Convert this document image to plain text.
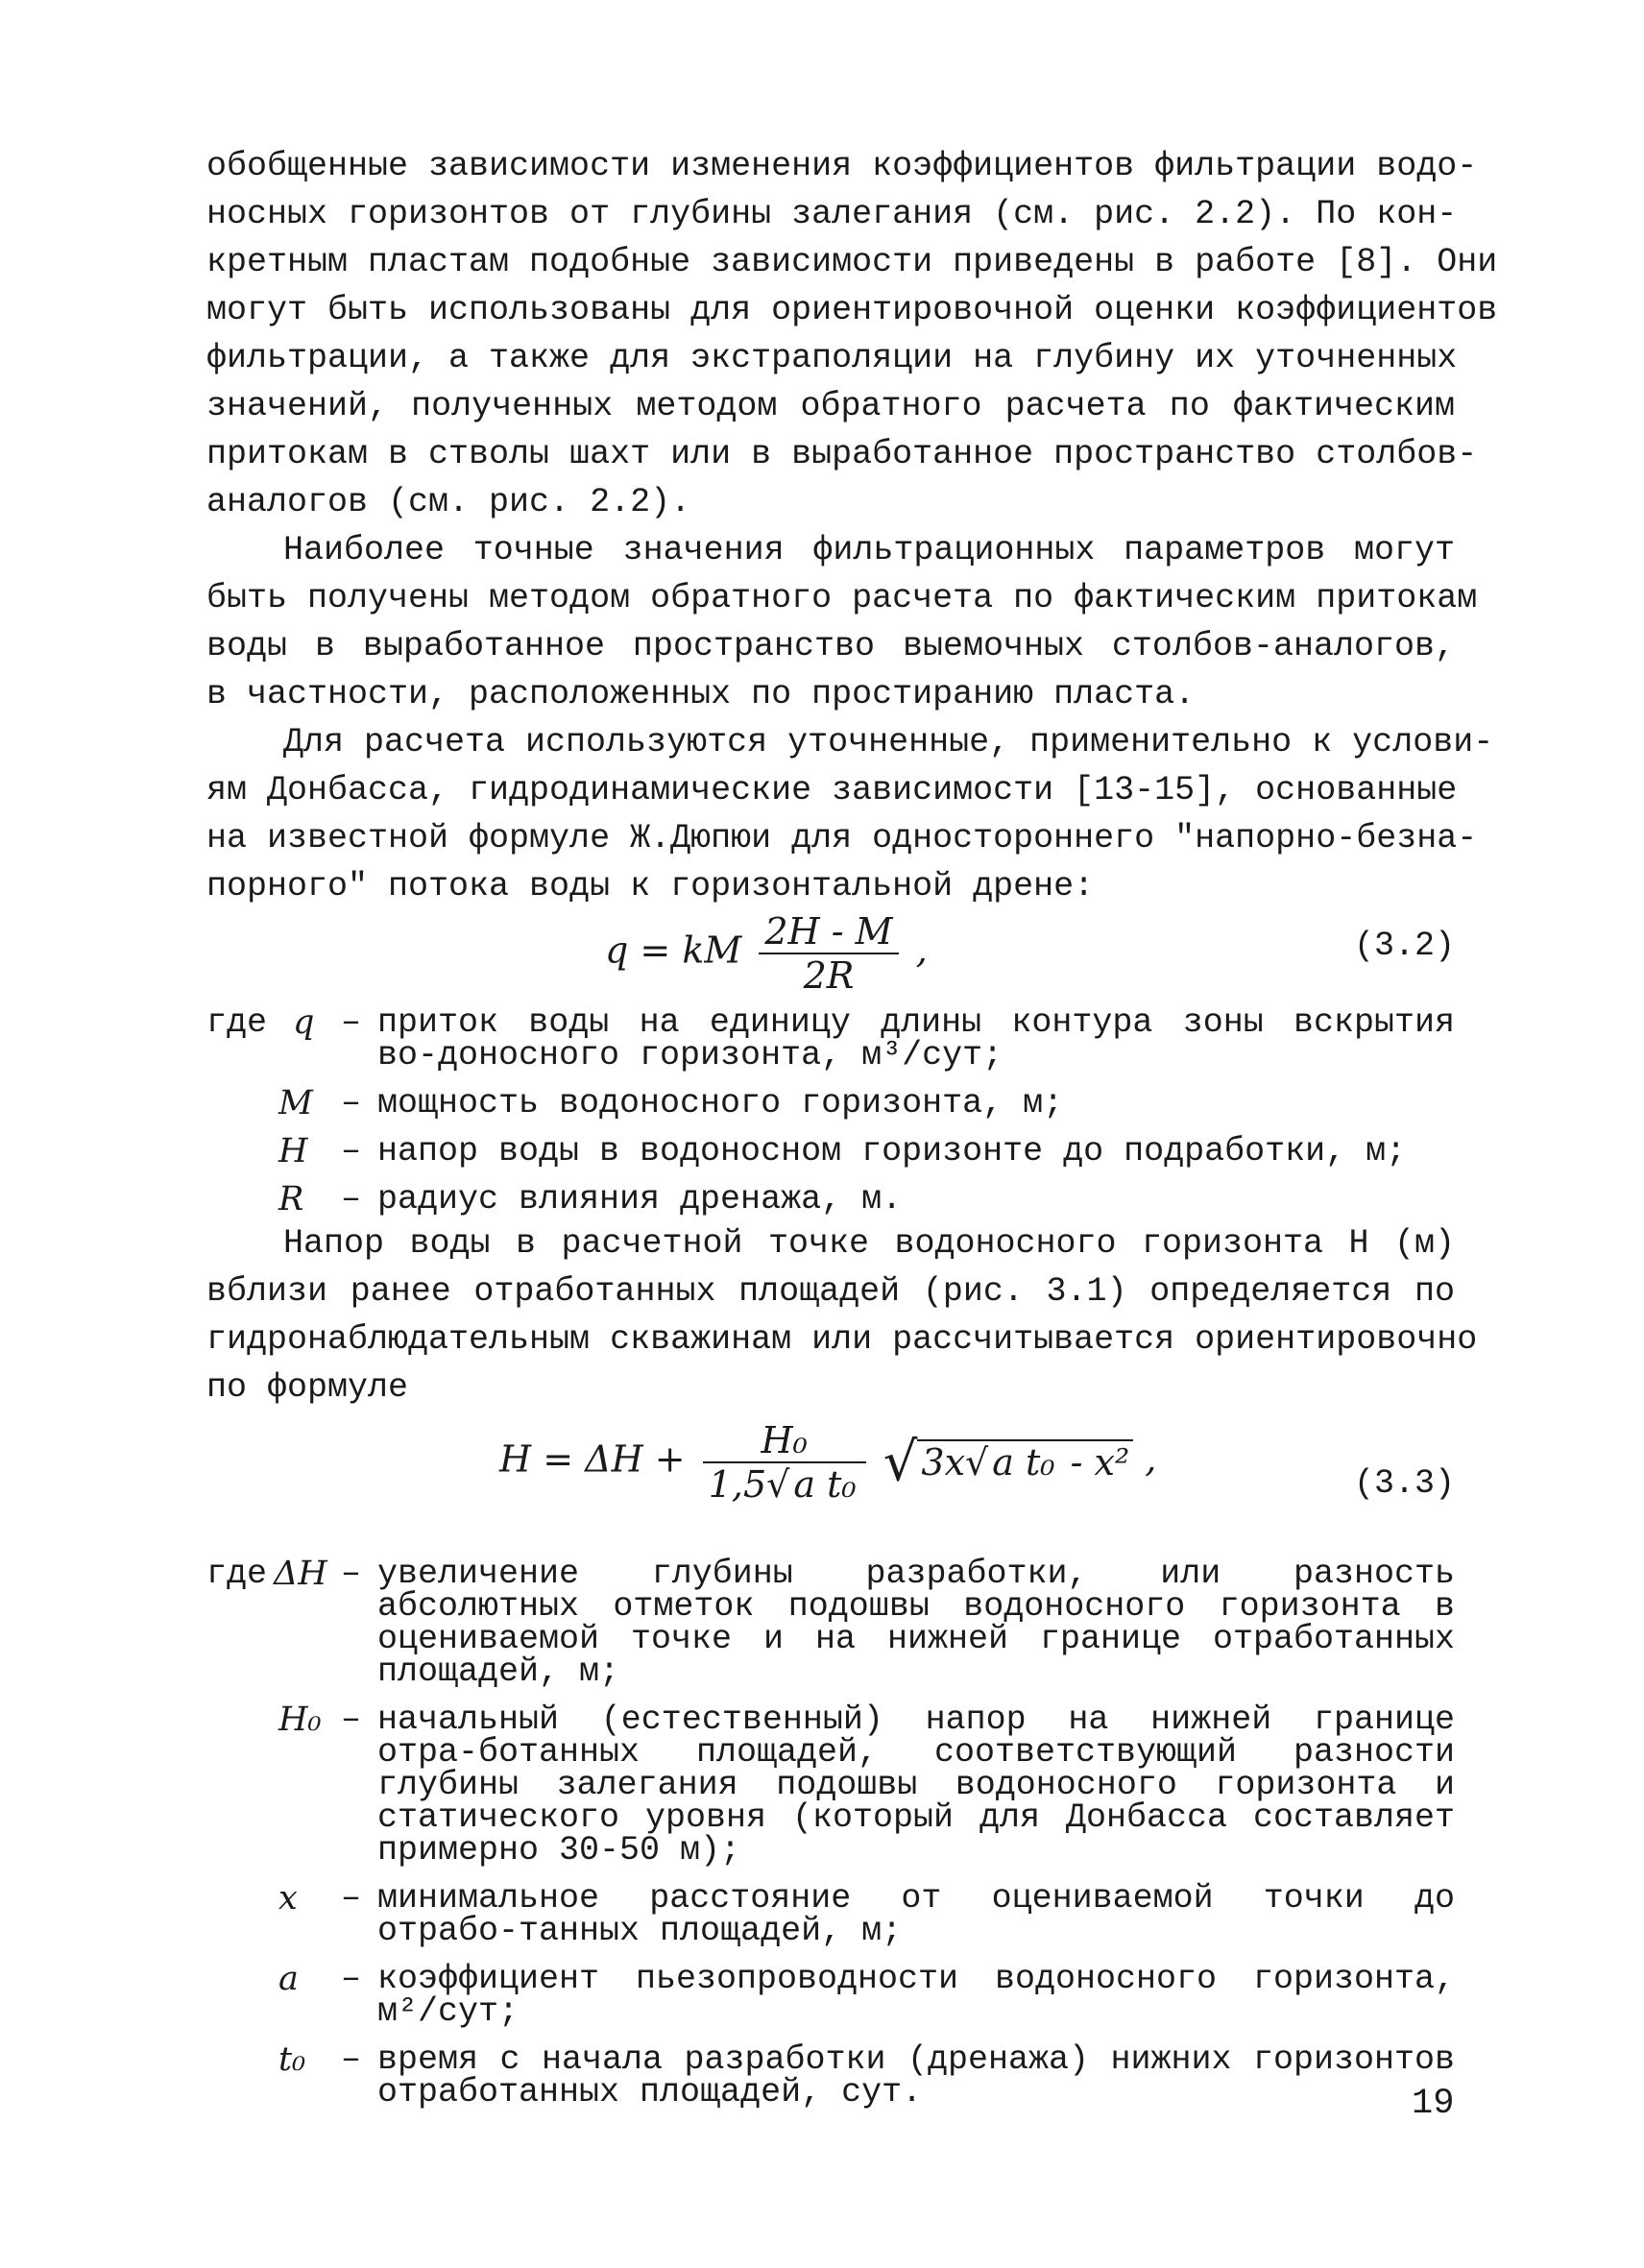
обобщенные зависимости изменения коэффициентов фильтрации водо-
носных горизонтов от глубины залегания (см. рис. 2.2). По кон-
кретным пластам подобные зависимости приведены в работе [8]. Они
могут быть использованы для ориентировочной оценки коэффициентов
фильтрации, а также для экстраполяции на глубину их уточненных
значений, полученных методом обратного расчета по фактическим
притокам в стволы шахт или в выработанное пространство столбов-
аналогов (см. рис. 2.2).
Наиболее точные значения фильтрационных параметров могут
быть получены методом обратного расчета по фактическим притокам
воды в выработанное пространство выемочных столбов-аналогов,
в частности, расположенных по простиранию пласта.
Для расчета используются уточненные, применительно к услови-
ям Донбасса, гидродинамические зависимости [13-15], основанные
на известной формуле Ж.Дюпюи для одностороннего "напорно-безна-
порного" потока воды к горизонтальной дрене:
q = kM $\frac{2H - M}{2R}$ ,	(3.2)
где q – приток воды на единицу длины контура зоны вскрытия во-доносного горизонта, м³/сут;
M – мощность водоносного горизонта, м;
H – напор воды в водоносном горизонте до подработки, м;
R – радиус влияния дренажа, м.
Напор воды в расчетной точке водоносного горизонта H (м)
вблизи ранее отработанных площадей (рис. 3.1) определяется по
гидронаблюдательным скважинам или рассчитывается ориентировочно
по формуле
$H = \Delta H + \frac{\text{H₀}}{\text{1,5√ a t₀}}$ √ 3x√ a t₀ - x² ,
(3.3)
где ΔH – увеличение глубины разработки, или разность абсолютных отметок подошвы водоносного горизонта в оцениваемой точке и на нижней границе отработанных площадей, м;
H₀ – начальный (естественный) напор на нижней границе отра-ботанных площадей, соответствующий разности глубины залегания подошвы водоносного горизонта и статического уровня (который для Донбасса составляет примерно 30-50 м);
x – минимальное расстояние от оцениваемой точки до отрабо-танных площадей, м;
a – коэффициент пьезопроводности водоносного горизонта, м²/сут;
t₀ – время с начала разработки (дренажа) нижних горизонтов отработанных площадей, сут.	19
